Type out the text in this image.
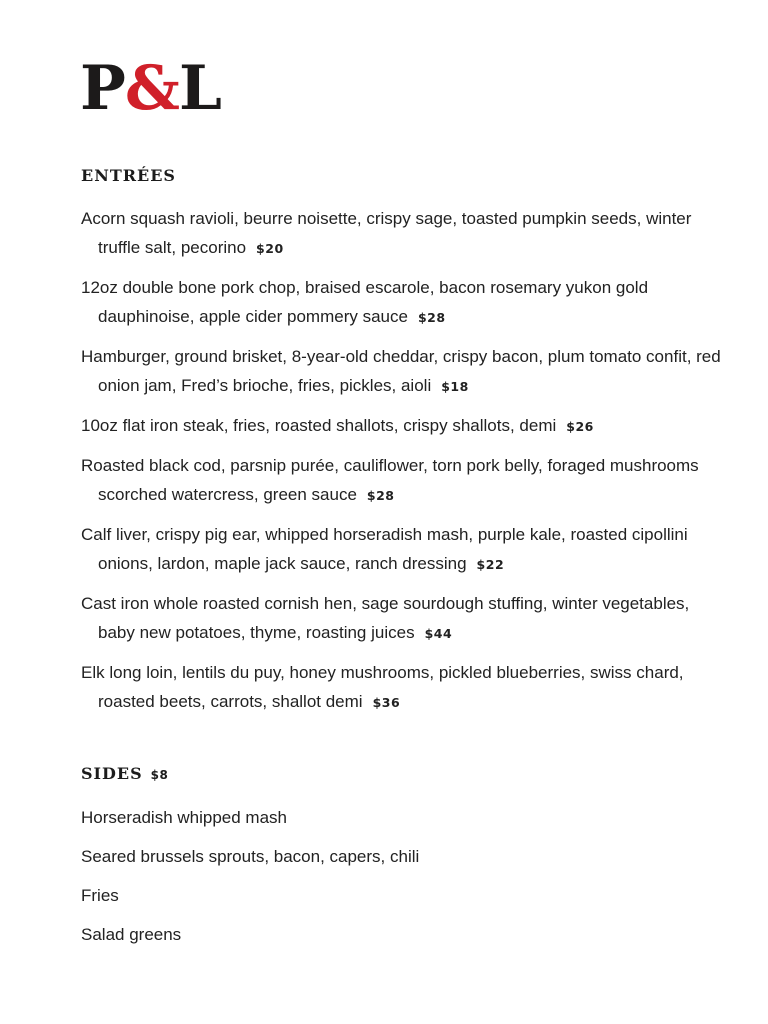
P&L
ENTRÉES
Acorn squash ravioli, beurre noisette, crispy sage, toasted pumpkin seeds, winter truffle salt, pecorino $20
12oz double bone pork chop, braised escarole, bacon rosemary yukon gold dauphinoise, apple cider pommery sauce $28
Hamburger, ground brisket, 8-year-old cheddar, crispy bacon, plum tomato confit, red onion jam, Fred’s brioche, fries, pickles, aioli $18
10oz flat iron steak, fries, roasted shallots, crispy shallots, demi $26
Roasted black cod, parsnip purée, cauliflower, torn pork belly, foraged mushrooms scorched watercress, green sauce $28
Calf liver, crispy pig ear, whipped horseradish mash, purple kale, roasted cipollini onions, lardon, maple jack sauce, ranch dressing $22
Cast iron whole roasted cornish hen, sage sourdough stuffing, winter vegetables, baby new potatoes, thyme, roasting juices $44
Elk long loin, lentils du puy, honey mushrooms, pickled blueberries, swiss chard, roasted beets, carrots, shallot demi $36
SIDES $8
Horseradish whipped mash
Seared brussels sprouts, bacon, capers, chili
Fries
Salad greens
